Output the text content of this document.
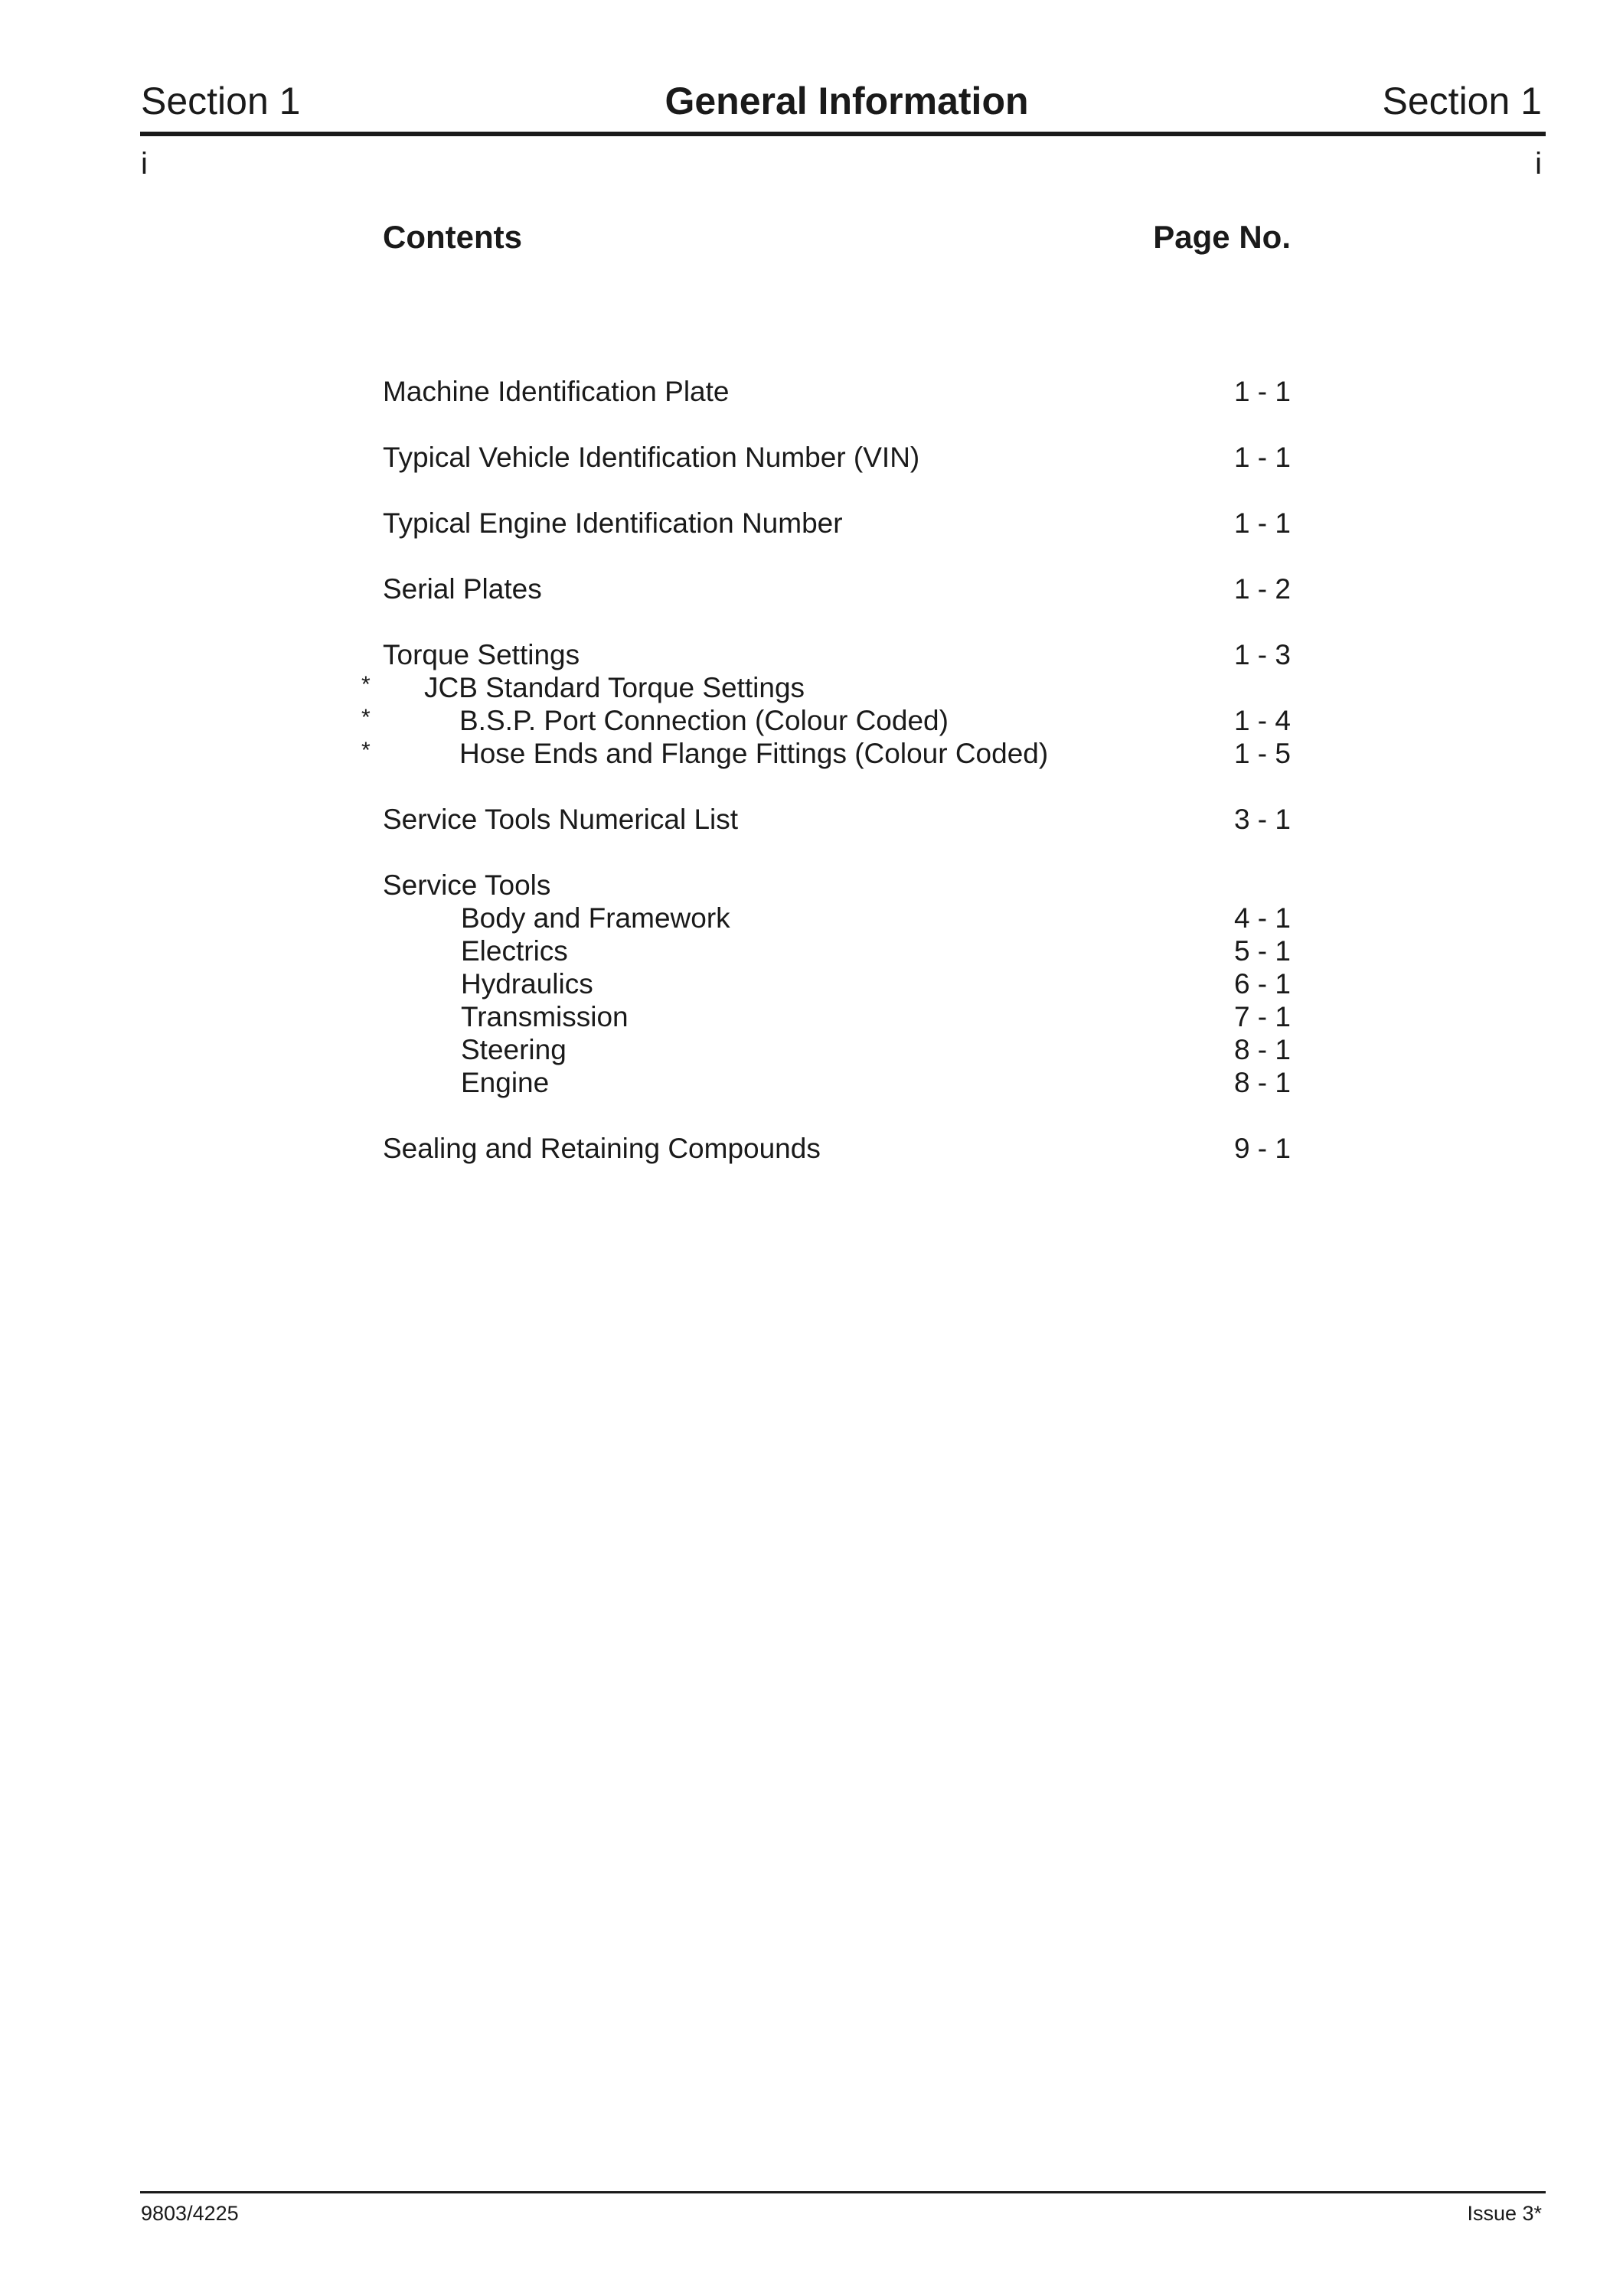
Section 1	General Information	Section 1
i	i
Contents	Page No.
Machine Identification Plate	1 - 1
Typical Vehicle Identification Number (VIN)	1 - 1
Typical Engine Identification Number	1 - 1
Serial Plates	1 - 2
Torque Settings	1 - 3
* JCB Standard Torque Settings
*	B.S.P. Port Connection (Colour Coded)	1 - 4
*	Hose Ends and Flange Fittings (Colour Coded)	1 - 5
Service Tools Numerical List	3 - 1
Service Tools
Body and Framework	4 - 1
Electrics	5 - 1
Hydraulics	6 - 1
Transmission	7 - 1
Steering	8 - 1
Engine	8 - 1
Sealing and Retaining Compounds	9 - 1
9803/4225	Issue 3*
